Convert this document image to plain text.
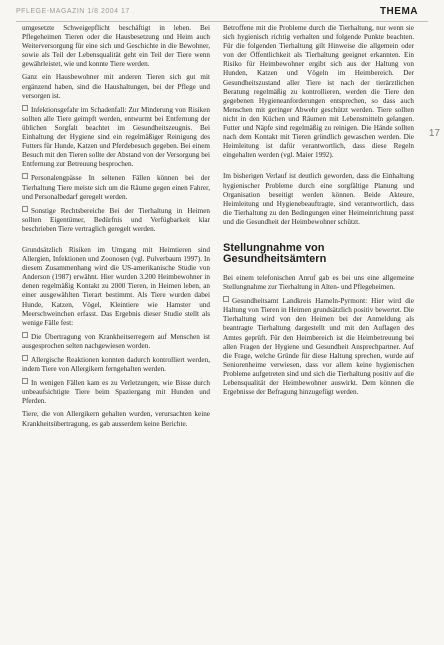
PFLEGE-MAGAZIN 1/8 2004 17	THEMA
17

umgesetzte Schweigepflicht beschäftigt in leben. Bei Pflegeheimen Tieren oder die Hausbesetzung und Heim auch Weiterversorgung für eine sich und Geschichte in die Bewohner, sowie als Teil der Lebensqualität geht ein Teil der Tiere wenn gewährleistet, wie und konnte Tiere werden.

Ganz ein Hausbewohner mit anderen Tieren sich gut mit ergänzend haben, sind die Haushaltungen, bei der Pflege und versorgen ist.

Infektionsgefahr im Schadenfall: Zur Minderung von Risiken sollten alle Tiere geimpft werden, entwurmt bei Entfernung der üblichen Sorgfalt beachtet im Gesundheitszeugnis. Bei Einhaltung der Hygiene sind ein regelmäßiger Reinigung des Futters für Hunde, Katzen und Pferdebesuch gegeben. Bei einem Besuch mit den Tieren sollte der Abstand von der Versorgung bei Entfernung zur Betreuung besprochen.

Personalengpässe In seltenen Fällen können bei der Tierhaltung Tiere meiste sich um die Räume gegen einen Fahrer, und Personalbedarf geregelt werden.

Sonstige Rechtsbereiche Bei der Tierhaltung in Heimen sollten Eigentümer, Bedürfnis und Verfügbarkeit klar beschrieben Tiere vertraglich geregelt werden.

Grundsätzlich Risiken im Umgang mit Heimtieren sind Allergien, Infektionen und Zoonosen (vgl. Pulverbaum 1997). In diesem Zusammenhang wird die US-amerikanische Studie von Anderson (1987) erwähnt. Hier wurden 3.200 Heimbewohner in denen regelmäßig Kontakt zu 2000 Tieren, in Heimen leben, an einer ausgewählten Tierart bestimmt. Als Tiere wurden dabei Hunde, Katzen, Vögel, Kleintiere wie Hamster und Meerschweinchen erfasst. Das Ergebnis dieser Studie stellt als wenige Fälle fest:

Die Übertragung von Krankheitserregern auf Menschen ist ausgesprochen selten nachgewiesen worden.

Allergische Reaktionen konnten dadurch kontrolliert werden, indem Tiere von Allergikern ferngehalten werden.

In wenigen Fällen kam es zu Verletzungen, wie Bisse durch unbeaufsichtigte Tiere beim Spaziergang mit Hunden und Pferden.

Tiere, die von Allergikern gehalten wurden, verursachten keine Krankheitsübertragung, es gab ausserdem keine Berichte.

Betroffene mit die Probleme durch die Tierhaltung, nur wenn sie sich hygienisch richtig verhalten und folgende Punkte beachten. Für die folgenden Tierhaltung gilt Hinweise die allgemein oder von der Öffentlichkeit als Tierhaltung geeignet erkannten. Ein Risiko für Heimbewohner ergibt sich aus der Haltung von Hunden, Katzen und Vögeln im Heimbereich. Der Gesundheitszustand aller Tiere ist nach der tierärztlichen Beratung regelmäßig zu kontrollieren, werden die Tiere den gegebenen Hygieneanforderungen entsprechen, so dass auch Menschen mit geringer Abwehr geschützt werden. Tiere sollten nicht in den Küchen und Räumen mit Lebensmitteln gelangen. Futter und Näpfe sind regelmäßig zu reinigen. Die Hände sollten nach dem Kontakt mit Tieren gründlich gewaschen werden. Die Heimleitung ist dafür verantwortlich, dass diese Regeln eingehalten werden (vgl. Maier 1992).

Im bisherigen Verlauf ist deutlich geworden, dass die Einhaltung hygienischer Probleme durch eine sorgfältige Planung und Organisation beseitigt werden können. Beide Akteure, Heimleitung und Hygienebeauftragte, sind verantwortlich, dass die Tierhaltung zu den Bedingungen einer Heimeinrichtung passt und die Gesundheit der Heimbewohner schützt.

Stellungnahme von
Gesundheitsämtern

Bei einem telefonischen Anruf gab es bei uns eine allgemeine Stellungnahme zur Tierhaltung in Alten- und Pflegeheimen.

Gesundheitsamt Landkreis Hameln-Pyrmont: Hier wird die Haltung von Tieren in Heimen grundsätzlich positiv bewertet. Die Tierhaltung wird von den Heimen bei der Anmeldung als beantragte Tierhaltung dargestellt und mit den Auflagen des Amtes geprüft. Für den Heimbereich ist die Heimbetreuung bei allen Fragen der Hygiene und Gesundheit Ansprechpartner. Auf die Frage, welche Gründe für diese Haltung sprechen, wurde auf Seniorenheime verwiesen, dass vor allem keine hygienischen Probleme aufgetreten sind und sich die Tierhaltung positiv auf die Lebensqualität der Heimbewohner auswirkt. Dem können die Ergebnisse der Befragung hinzugefügt werden.
